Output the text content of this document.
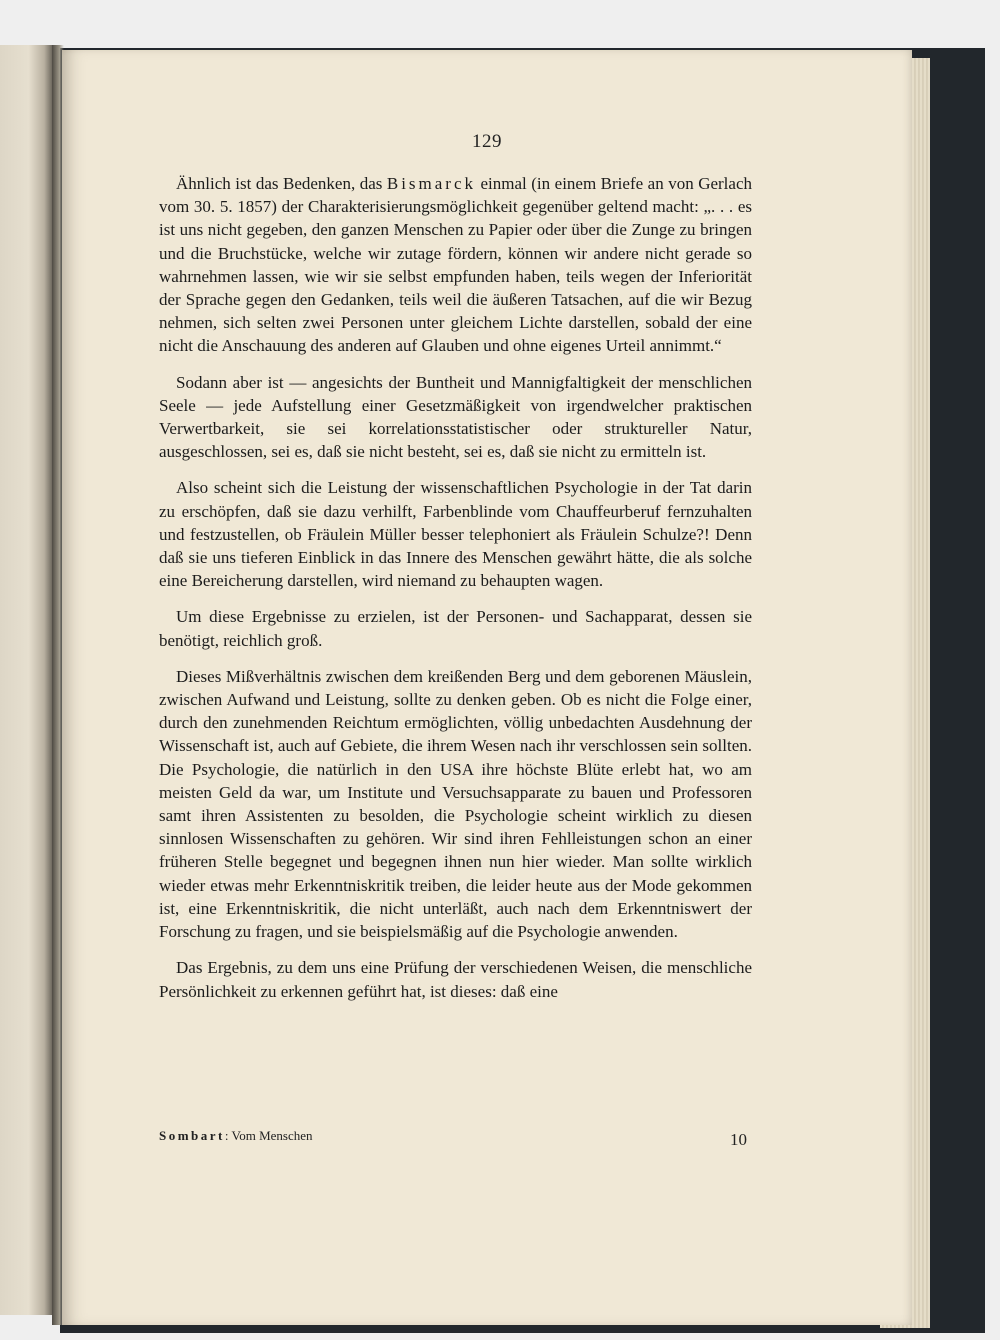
129

Ähnlich ist das Bedenken, das Bismarck einmal (in einem Briefe an von Gerlach vom 30. 5. 1857) der Charakterisierungsmöglichkeit gegenüber geltend macht: „. . . es ist uns nicht gegeben, den ganzen Menschen zu Papier oder über die Zunge zu bringen und die Bruchstücke, welche wir zutage fördern, können wir andere nicht gerade so wahrnehmen lassen, wie wir sie selbst empfunden haben, teils wegen der Inferiorität der Sprache gegen den Gedanken, teils weil die äußeren Tatsachen, auf die wir Bezug nehmen, sich selten zwei Personen unter gleichem Lichte darstellen, sobald der eine nicht die Anschauung des anderen auf Glauben und ohne eigenes Urteil annimmt.“

Sodann aber ist — angesichts der Buntheit und Mannigfaltigkeit der menschlichen Seele — jede Aufstellung einer Gesetzmäßigkeit von irgendwelcher praktischen Verwertbarkeit, sie sei korrelationsstatistischer oder struktureller Natur, ausgeschlossen, sei es, daß sie nicht besteht, sei es, daß sie nicht zu ermitteln ist.

Also scheint sich die Leistung der wissenschaftlichen Psychologie in der Tat darin zu erschöpfen, daß sie dazu verhilft, Farbenblinde vom Chauffeurberuf fernzuhalten und festzustellen, ob Fräulein Müller besser telephoniert als Fräulein Schulze?! Denn daß sie uns tieferen Einblick in das Innere des Menschen gewährt hätte, die als solche eine Bereicherung darstellen, wird niemand zu behaupten wagen.

Um diese Ergebnisse zu erzielen, ist der Personen- und Sachapparat, dessen sie benötigt, reichlich groß.

Dieses Mißverhältnis zwischen dem kreißenden Berg und dem geborenen Mäuslein, zwischen Aufwand und Leistung, sollte zu denken geben. Ob es nicht die Folge einer, durch den zunehmenden Reichtum ermöglichten, völlig unbedachten Ausdehnung der Wissenschaft ist, auch auf Gebiete, die ihrem Wesen nach ihr verschlossen sein sollten. Die Psychologie, die natürlich in den USA ihre höchste Blüte erlebt hat, wo am meisten Geld da war, um Institute und Versuchsapparate zu bauen und Professoren samt ihren Assistenten zu besolden, die Psychologie scheint wirklich zu diesen sinnlosen Wissenschaften zu gehören. Wir sind ihren Fehlleistungen schon an einer früheren Stelle begegnet und begegnen ihnen nun hier wieder. Man sollte wirklich wieder etwas mehr Erkenntniskritik treiben, die leider heute aus der Mode gekommen ist, eine Erkenntniskritik, die nicht unterläßt, auch nach dem Erkenntniswert der Forschung zu fragen, und sie beispielsmäßig auf die Psychologie anwenden.

Das Ergebnis, zu dem uns eine Prüfung der verschiedenen Weisen, die menschliche Persönlichkeit zu erkennen geführt hat, ist dieses: daß eine

Sombart: Vom Menschen	10
